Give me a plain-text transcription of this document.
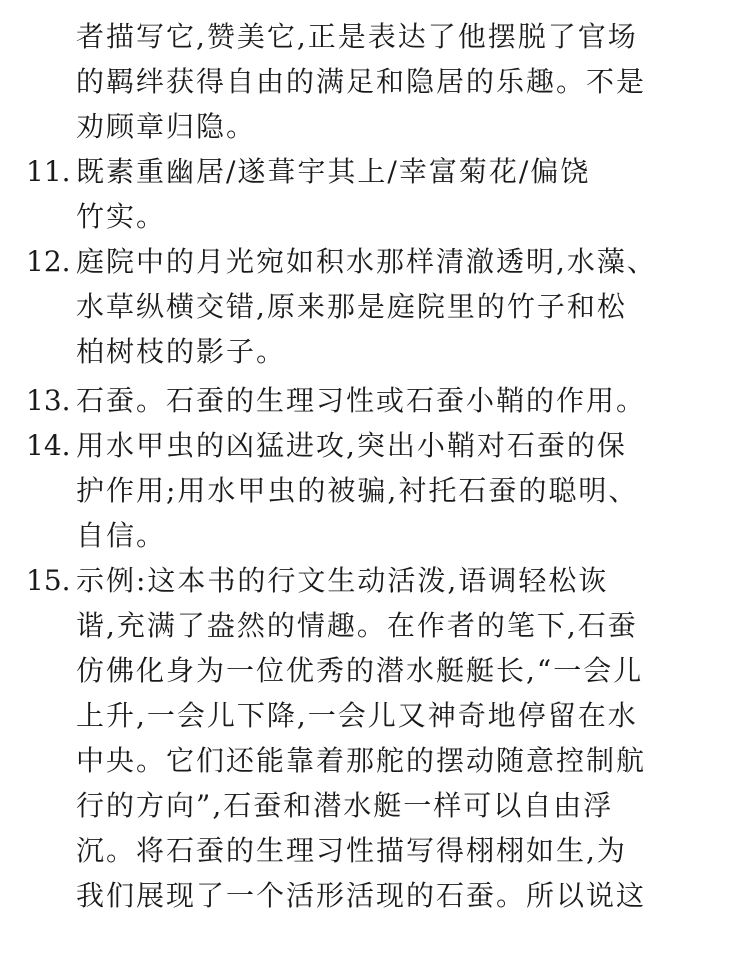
者描写它,赞美它,正是表达了他摆脱了官场
的羁绊获得自由的满足和隐居的乐趣。不是
劝顾章归隐。
11. 既素重幽居/遂葺宇其上/幸富菊花/偏饶
竹实。
12. 庭院中的月光宛如积水那样清澈透明,水藻、
水草纵横交错,原来那是庭院里的竹子和松
柏树枝的影子。
13. 石蚕。石蚕的生理习性或石蚕小鞘的作用。
14. 用水甲虫的凶猛进攻,突出小鞘对石蚕的保
护作用;用水甲虫的被骗,衬托石蚕的聪明、
自信。
15. 示例:这本书的行文生动活泼,语调轻松诙
谐,充满了盎然的情趣。在作者的笔下,石蚕
仿佛化身为一位优秀的潜水艇艇长,“一会儿
上升,一会儿下降,一会儿又神奇地停留在水
中央。它们还能靠着那舵的摆动随意控制航
行的方向”,石蚕和潜水艇一样可以自由浮
沉。将石蚕的生理习性描写得栩栩如生,为
我们展现了一个活形活现的石蚕。所以说这
